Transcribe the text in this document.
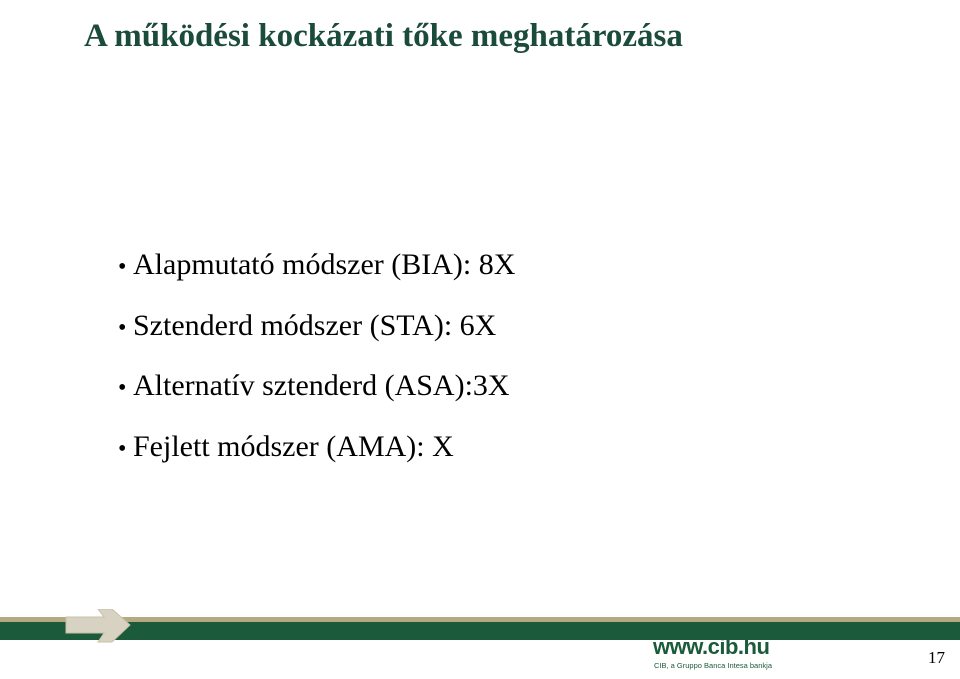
A működési kockázati tőke meghatározása
• Alapmutató módszer (BIA): 8X
• Sztenderd módszer (STA): 6X
• Alternatív sztenderd (ASA):3X
• Fejlett módszer (AMA): X
www.cib.hu
CIB, a Gruppo Banca Intesa bankja	17
